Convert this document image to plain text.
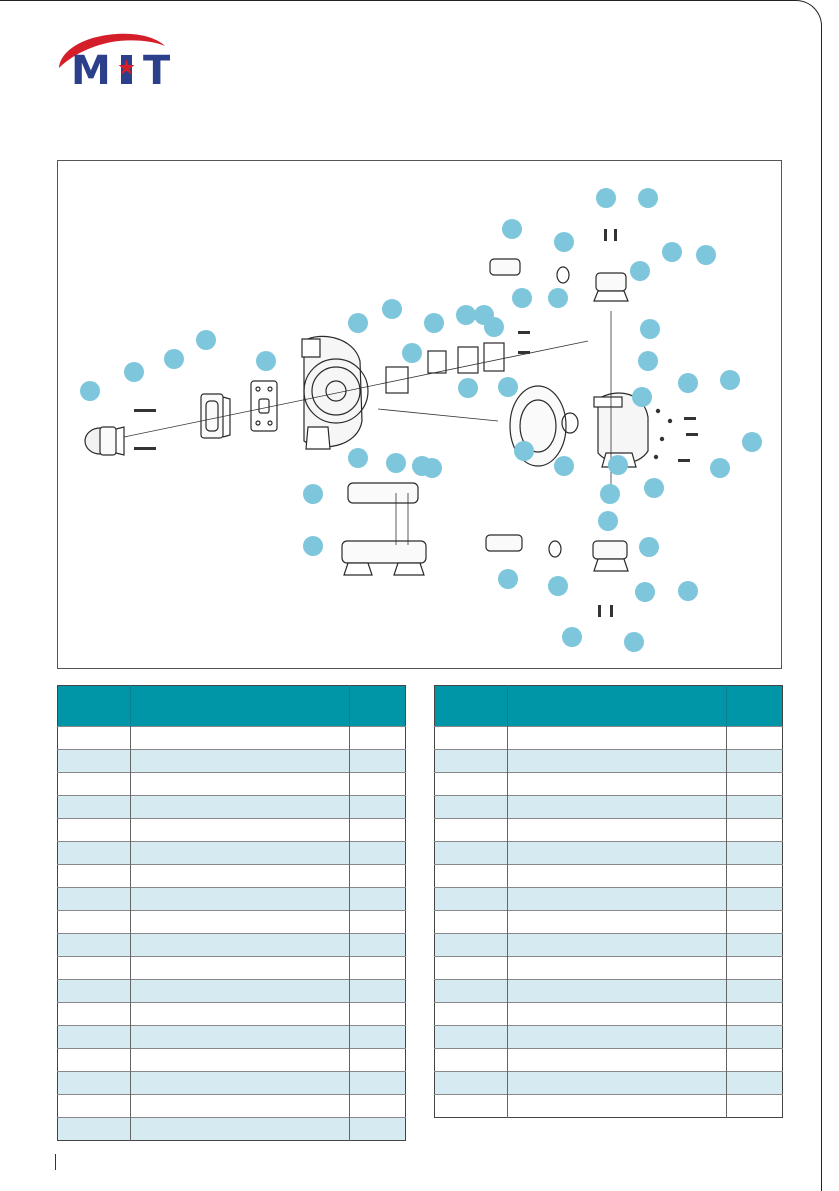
M T
